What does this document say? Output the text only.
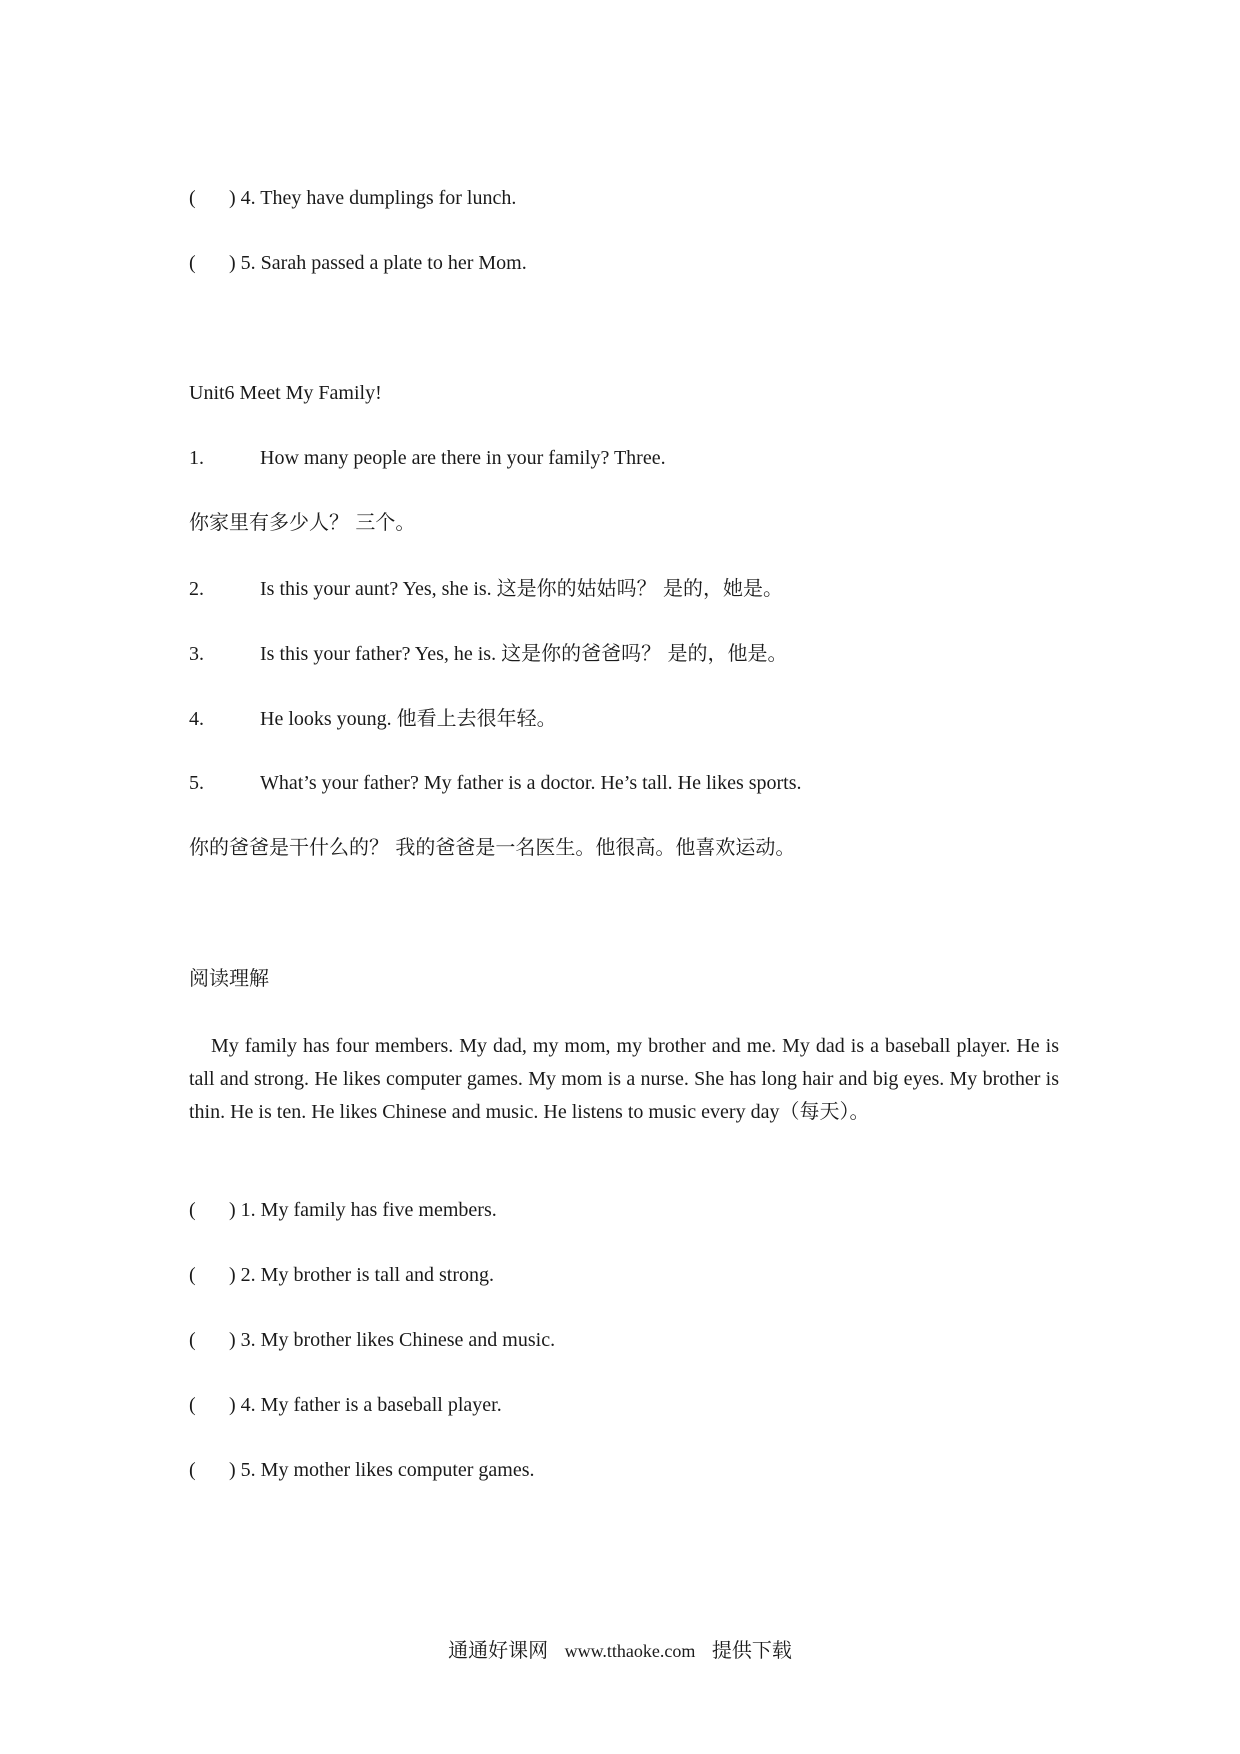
( ) 4. They have dumplings for lunch.
( ) 5. Sarah passed a plate to her Mom.
Unit6 Meet My Family!
1.	How many people are there in your family? Three.
你家里有多少人？ 三个。
2.	Is this your aunt? Yes, she is. 这是你的姑姑吗？ 是的，她是。
3.	Is this your father? Yes, he is. 这是你的爸爸吗？ 是的，他是。
4.	He looks young. 他看上去很年轻。
5.	What’s your father? My father is a doctor. He’s tall. He likes sports.
你的爸爸是干什么的？ 我的爸爸是一名医生。他很高。他喜欢运动。
阅读理解
My family has four members. My dad, my mom, my brother and me. My dad is a baseball player. He is tall and strong. He likes computer games. My mom is a nurse. She has long hair and big eyes. My brother is thin. He is ten. He likes Chinese and music. He listens to music every day（每天）。
( ) 1. My family has five members.
( ) 2. My brother is tall and strong.
( ) 3. My brother likes Chinese and music.
( ) 4. My father is a baseball player.
( ) 5. My mother likes computer games.
通通好课网 www.tthaoke.com 提供下载
